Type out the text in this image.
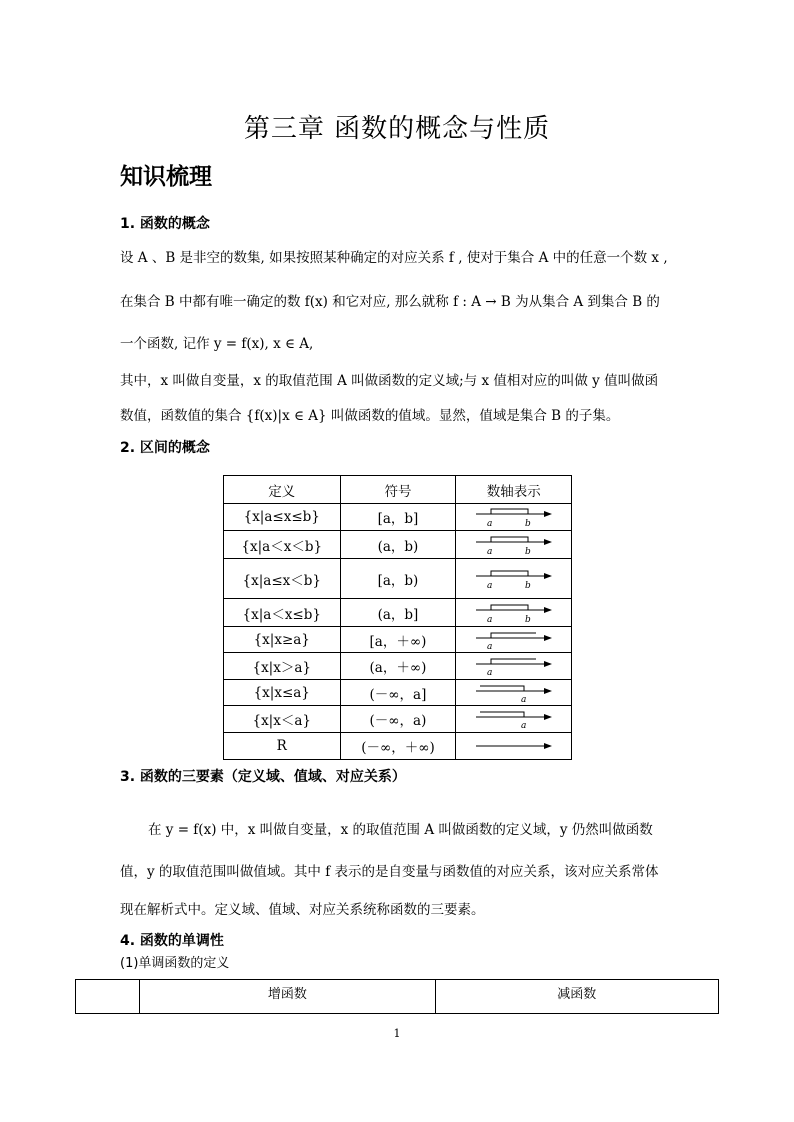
第三章 函数的概念与性质
知识梳理
1. 函数的概念
设 A 、B 是非空的数集, 如果按照某种确定的对应关系 f , 使对于集合 A 中的任意一个数 x ,
在集合 B 中都有唯一确定的数 f(x) 和它对应, 那么就称 f : A → B 为从集合 A 到集合 B 的
一个函数, 记作 y = f(x), x ∈ A,
其中，x 叫做自变量，x 的取值范围 A 叫做函数的定义域;与 x 值相对应的叫做 y 值叫做函
数值，函数值的集合 {f(x)|x ∈ A} 叫做函数的值域。显然，值域是集合 B 的子集。
2. 区间的概念
定义	符号	数轴表示
{x|a≤x≤b}	[a，b]	a b

{x|a＜x＜b}	(a，b)	a b

{x|a≤x＜b}	[a，b)	a b

{x|a＜x≤b}	(a，b]	a b

{x|x≥a}	[a，＋∞)	a

{x|x＞a}	(a，＋∞)	a

{x|x≤a}	(－∞，a]	a

{x|x＜a}	(－∞，a)	a

R	(－∞，＋∞)	
3. 函数的三要素（定义域、值域、对应关系）
在 y = f(x) 中，x 叫做自变量，x 的取值范围 A 叫做函数的定义域，y 仍然叫做函数
值，y 的取值范围叫做值域。其中 f 表示的是自变量与函数值的对应关系，该对应关系常体
现在解析式中。定义域、值域、对应关系统称函数的三要素。
4. 函数的单调性
(1)单调函数的定义
	增函数	减函数
1
